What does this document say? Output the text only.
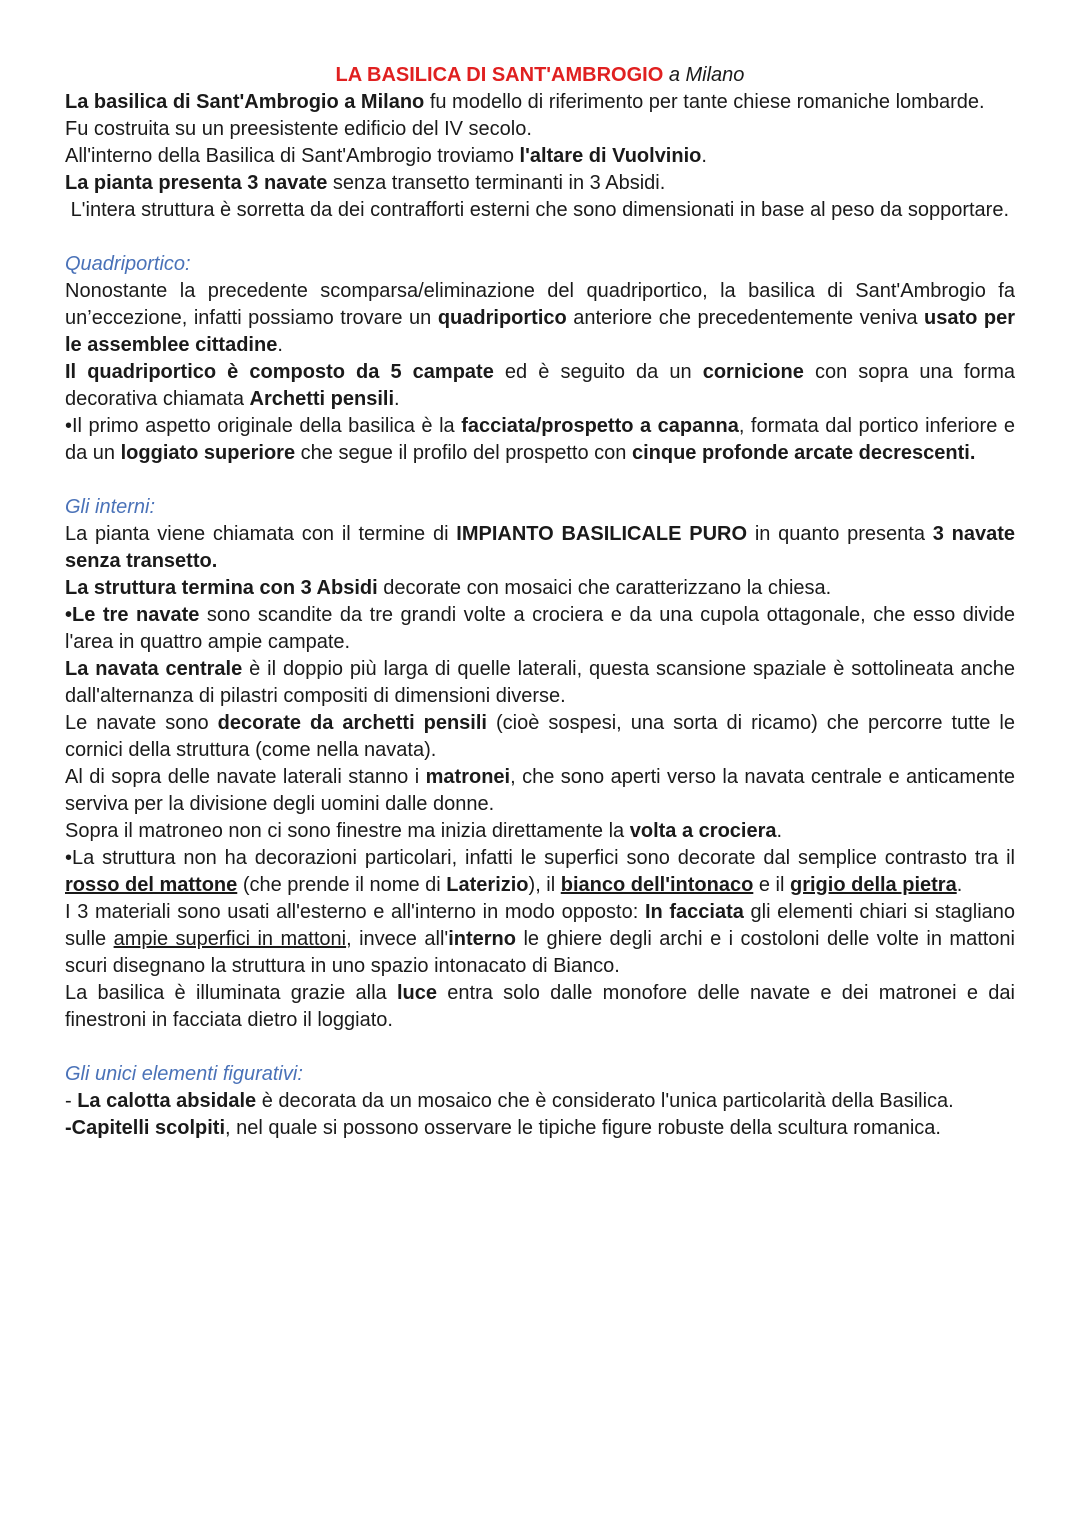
LA BASILICA DI SANT'AMBROGIO a Milano

La basilica di Sant'Ambrogio a Milano fu modello di riferimento per tante chiese romaniche lombarde.

Fu costruita su un preesistente edificio del IV secolo.

All'interno della Basilica di Sant'Ambrogio troviamo l'altare di Vuolvinio.

La pianta presenta 3 navate senza transetto terminanti in 3 Absidi.

L'intera struttura è sorretta da dei contrafforti esterni che sono dimensionati in base al peso da sopportare.

Quadriportico:

Nonostante la precedente scomparsa/eliminazione del quadriportico, la basilica di Sant'Ambrogio fa un’eccezione, infatti possiamo trovare un quadriportico anteriore che precedentemente veniva usato per le assemblee cittadine.

Il quadriportico è composto da 5 campate ed è seguito da un cornicione con sopra una forma decorativa chiamata Archetti pensili.

•Il primo aspetto originale della basilica è la facciata/prospetto a capanna, formata dal portico inferiore e da un loggiato superiore che segue il profilo del prospetto con cinque profonde arcate decrescenti.

Gli interni:

La pianta viene chiamata con il termine di IMPIANTO BASILICALE PURO in quanto presenta 3 navate senza transetto.

La struttura termina con 3 Absidi decorate con mosaici che caratterizzano la chiesa.

•Le tre navate sono scandite da tre grandi volte a crociera e da una cupola ottagonale, che esso divide l'area in quattro ampie campate.

La navata centrale è il doppio più larga di quelle laterali, questa scansione spaziale è sottolineata anche dall'alternanza di pilastri compositi di dimensioni diverse.

Le navate sono decorate da archetti pensili (cioè sospesi, una sorta di ricamo) che percorre tutte le cornici della struttura (come nella navata).

Al di sopra delle navate laterali stanno i matronei, che sono aperti verso la navata centrale e anticamente serviva per la divisione degli uomini dalle donne.

Sopra il matroneo non ci sono finestre ma inizia direttamente la volta a crociera.

•La struttura non ha decorazioni particolari, infatti le superfici sono decorate dal semplice contrasto tra il rosso del mattone (che prende il nome di Laterizio), il bianco dell'intonaco e il grigio della pietra.

I 3 materiali sono usati all'esterno e all'interno in modo opposto: In facciata gli elementi chiari si stagliano sulle ampie superfici in mattoni, invece all'interno le ghiere degli archi e i costoloni delle volte in mattoni scuri disegnano la struttura in uno spazio intonacato di Bianco.

La basilica è illuminata grazie alla luce entra solo dalle monofore delle navate e dei matronei e dai finestroni in facciata dietro il loggiato.

Gli unici elementi figurativi:

- La calotta absidale è decorata da un mosaico che è considerato l'unica particolarità della Basilica.

-Capitelli scolpiti, nel quale si possono osservare le tipiche figure robuste della scultura romanica.
